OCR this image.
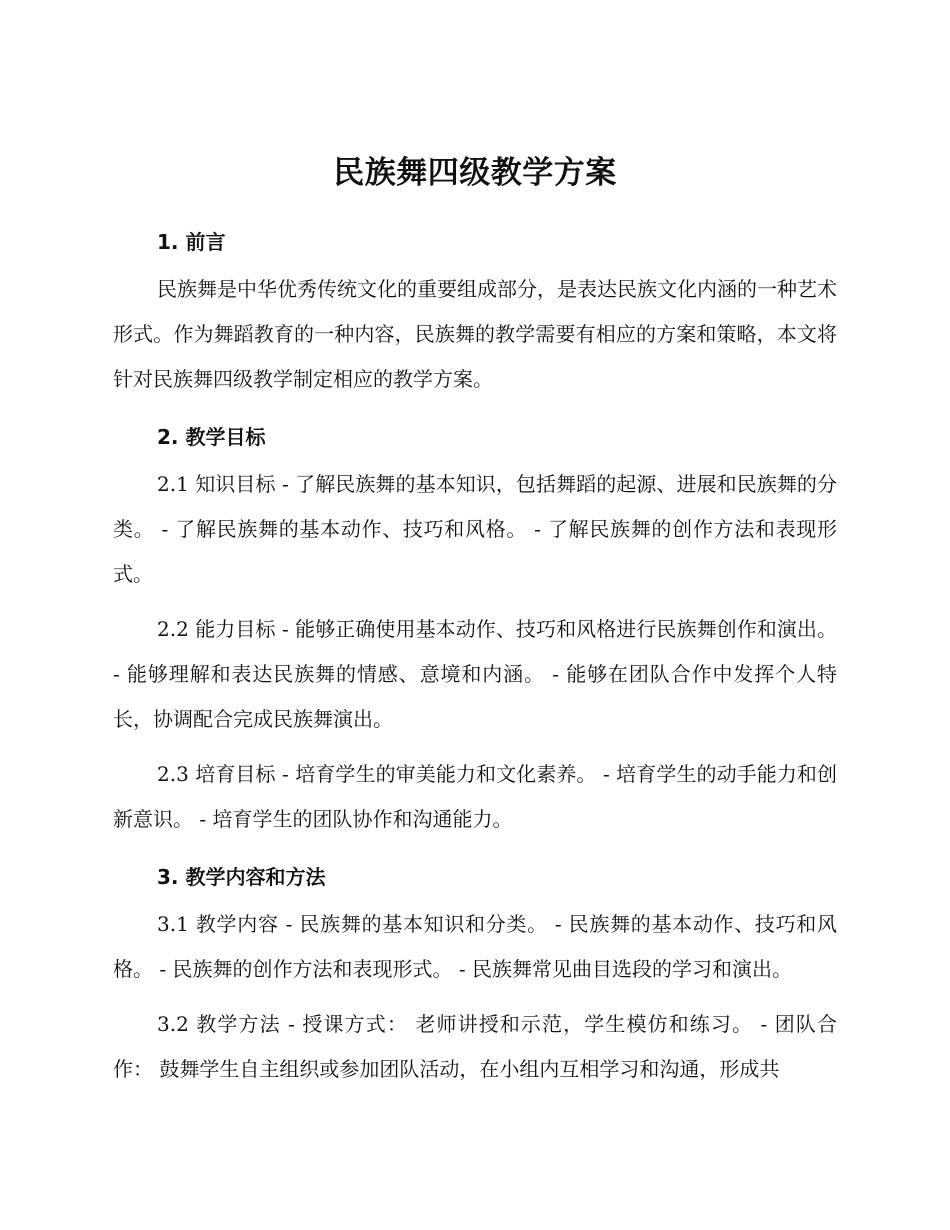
民族舞四级教学方案
1. 前言

民族舞是中华优秀传统文化的重要组成部分，是表达民族文化内涵的一种艺术形式。作为舞蹈教育的一种内容，民族舞的教学需要有相应的方案和策略，本文将针对民族舞四级教学制定相应的教学方案。

2. 教学目标

2.1 知识目标 - 了解民族舞的基本知识，包括舞蹈的起源、进展和民族舞的分类。 - 了解民族舞的基本动作、技巧和风格。 - 了解民族舞的创作方法和表现形式。

2.2 能力目标 - 能够正确使用基本动作、技巧和风格进行民族舞创作和演出。 - 能够理解和表达民族舞的情感、意境和内涵。 - 能够在团队合作中发挥个人特长，协调配合完成民族舞演出。

2.3 培育目标 - 培育学生的审美能力和文化素养。 - 培育学生的动手能力和创新意识。 - 培育学生的团队协作和沟通能力。

3. 教学内容和方法

3.1 教学内容 - 民族舞的基本知识和分类。 - 民族舞的基本动作、技巧和风格。 - 民族舞的创作方法和表现形式。 - 民族舞常见曲目选段的学习和演出。

3.2 教学方法 - 授课方式： 老师讲授和示范，学生模仿和练习。 - 团队合作： 鼓舞学生自主组织或参加团队活动，在小组内互相学习和沟通，形成共
